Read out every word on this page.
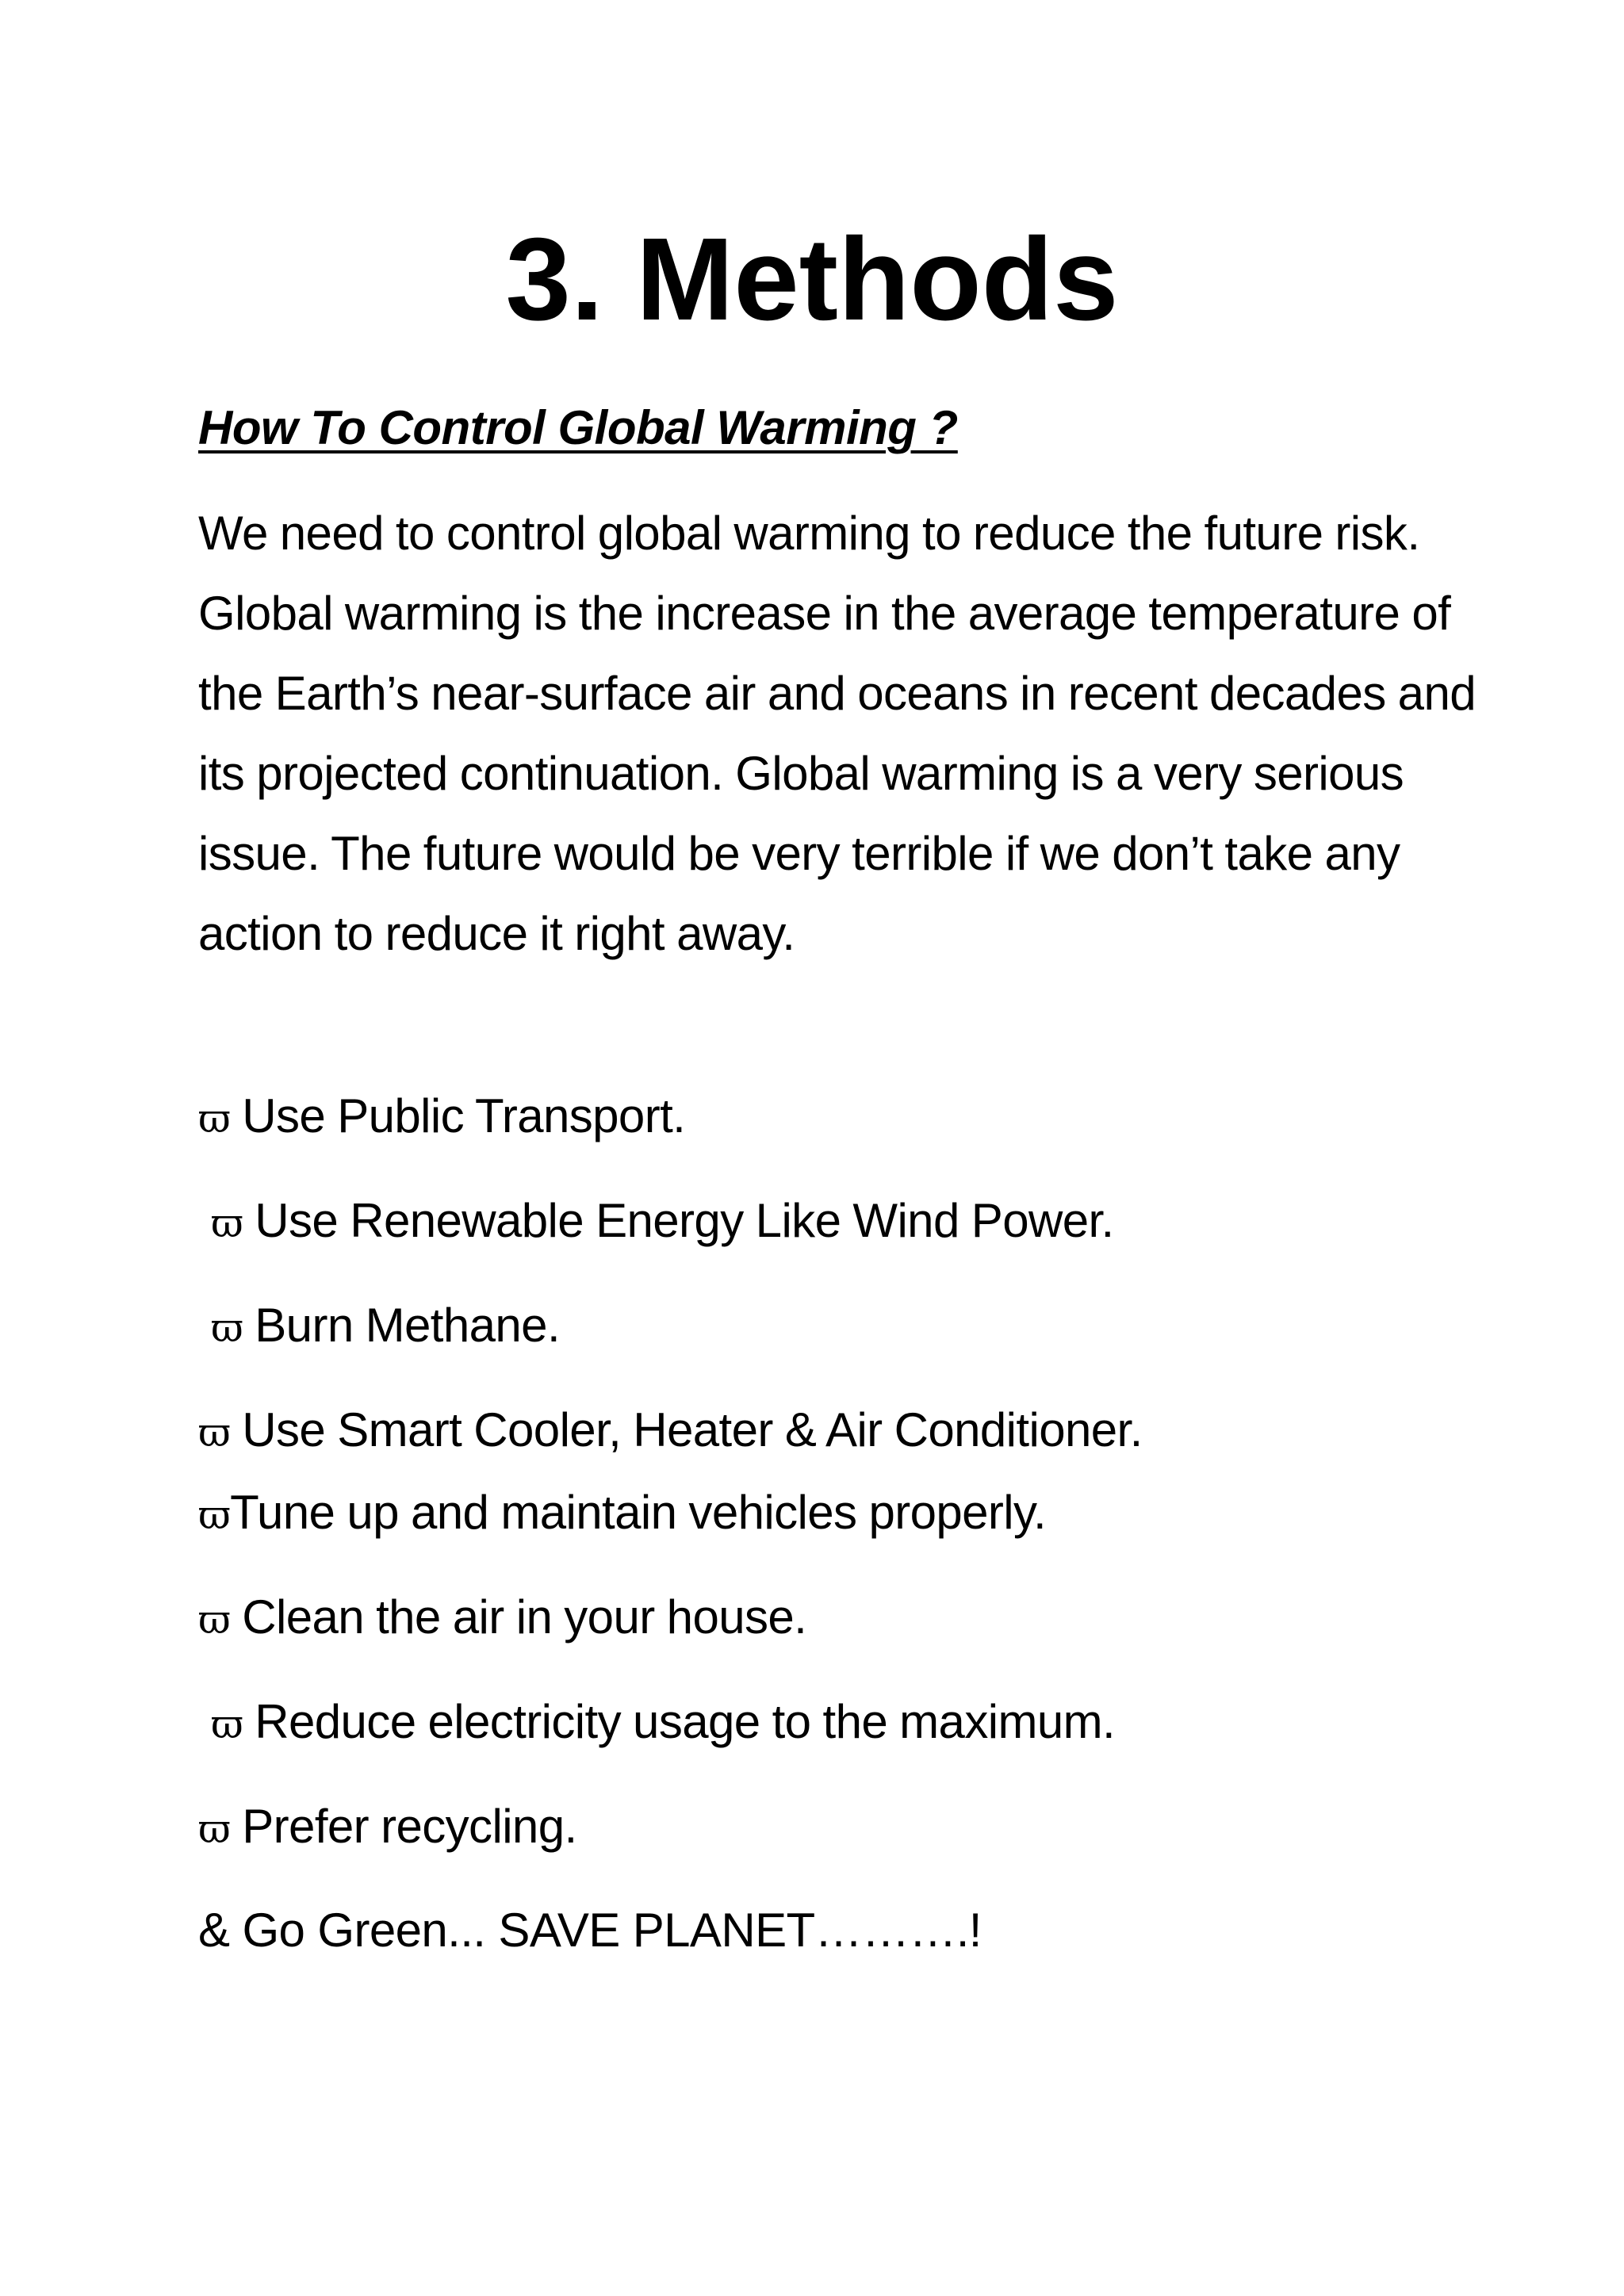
3. Methods
How To Control Global Warming ?

We need to control global warming to reduce the future risk. Global warming is the increase in the average temperature of the Earth’s near-surface air and oceans in recent decades and its projected continuation. Global warming is a very serious issue. The future would be very terrible if we don’t take any action to reduce it right away.

ϖ Use Public Transport.
ϖ Use Renewable Energy Like Wind Power.
ϖ Burn Methane.
ϖ Use Smart Cooler, Heater & Air Conditioner.
ϖTune up and maintain vehicles properly.
ϖ Clean the air in your house.
ϖ Reduce electricity usage to the maximum.
ϖ Prefer recycling.

& Go Green... SAVE PLANET……….!
